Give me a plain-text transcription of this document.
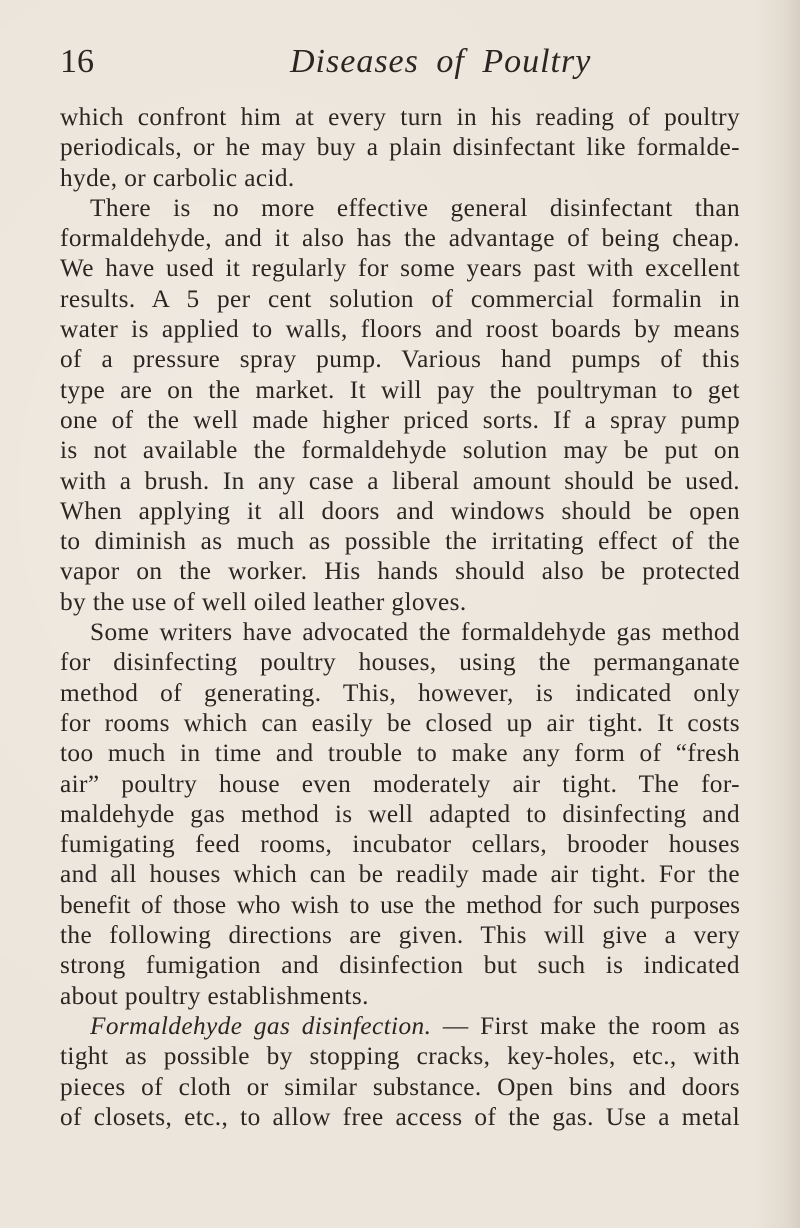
16	Diseases of Poultry

which confront him at every turn in his reading of poultry
periodicals, or he may buy a plain disinfectant like formalde-
hyde, or carbolic acid.

There is no more effective general disinfectant than
formaldehyde, and it also has the advantage of being cheap.
We have used it regularly for some years past with excellent
results. A 5 per cent solution of commercial formalin in
water is applied to walls, floors and roost boards by means
of a pressure spray pump. Various hand pumps of this
type are on the market. It will pay the poultryman to get
one of the well made higher priced sorts. If a spray pump
is not available the formaldehyde solution may be put on
with a brush. In any case a liberal amount should be used.
When applying it all doors and windows should be open
to diminish as much as possible the irritating effect of the
vapor on the worker. His hands should also be protected
by the use of well oiled leather gloves.

Some writers have advocated the formaldehyde gas method
for disinfecting poultry houses, using the permanganate
method of generating. This, however, is indicated only
for rooms which can easily be closed up air tight. It costs
too much in time and trouble to make any form of “fresh
air” poultry house even moderately air tight. The for-
maldehyde gas method is well adapted to disinfecting and
fumigating feed rooms, incubator cellars, brooder houses
and all houses which can be readily made air tight. For the
benefit of those who wish to use the method for such purposes
the following directions are given. This will give a very
strong fumigation and disinfection but such is indicated
about poultry establishments.

Formaldehyde gas disinfection. — First make the room as
tight as possible by stopping cracks, key-holes, etc., with
pieces of cloth or similar substance. Open bins and doors
of closets, etc., to allow free access of the gas. Use a metal
